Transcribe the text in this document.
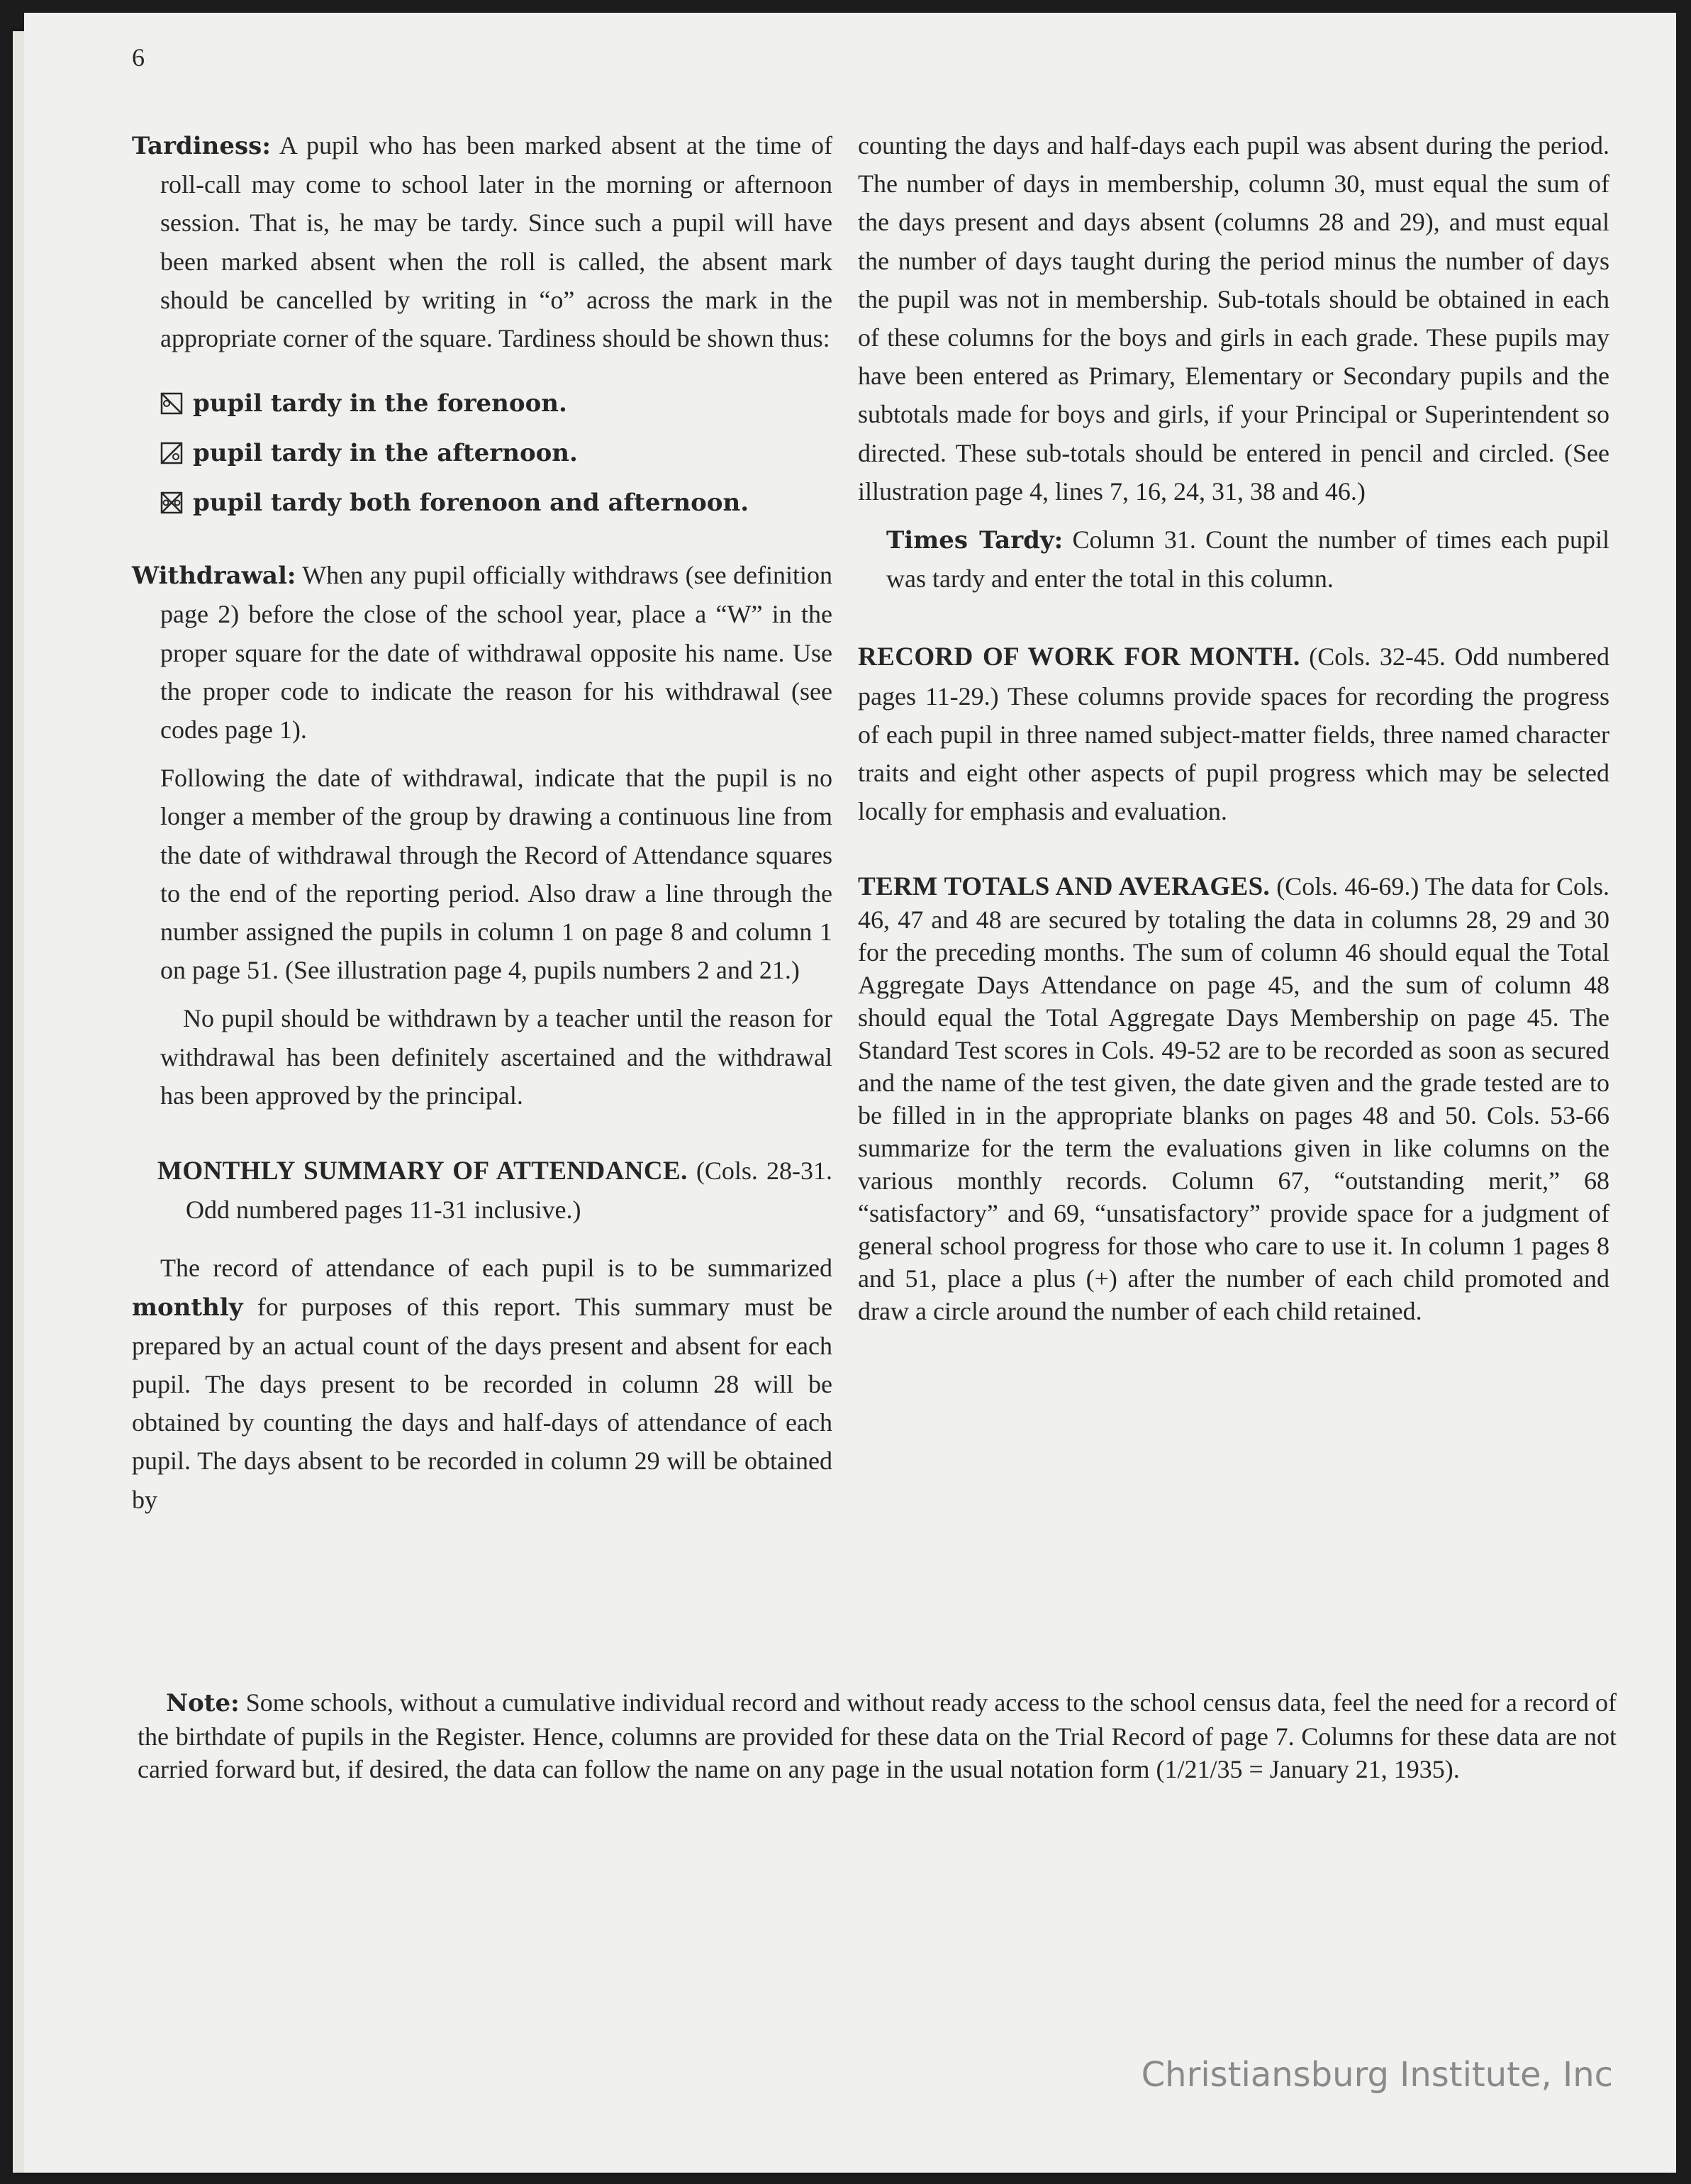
6

Tardiness: A pupil who has been marked absent at the time of roll-call may come to school later in the morning or afternoon session. That is, he may be tardy. Since such a pupil will have been marked absent when the roll is called, the absent mark should be cancelled by writing in “o” across the mark in the appropriate corner of the square. Tardiness should be shown thus:

pupil tardy in the forenoon.
pupil tardy in the afternoon.
pupil tardy both forenoon and afternoon.

Withdrawal: When any pupil officially withdraws (see definition page 2) before the close of the school year, place a “W” in the proper square for the date of withdrawal opposite his name. Use the proper code to indicate the reason for his withdrawal (see codes page 1).

Following the date of withdrawal, indicate that the pupil is no longer a member of the group by drawing a continuous line from the date of withdrawal through the Record of Attendance squares to the end of the reporting period. Also draw a line through the number assigned the pupils in column 1 on page 8 and column 1 on page 51. (See illustration page 4, pupils numbers 2 and 21.)

No pupil should be withdrawn by a teacher until the reason for withdrawal has been definitely ascertained and the withdrawal has been approved by the principal.

MONTHLY SUMMARY OF ATTENDANCE. (Cols. 28-31. Odd numbered pages 11-31 inclusive.)

The record of attendance of each pupil is to be summarized monthly for purposes of this report. This summary must be prepared by an actual count of the days present and absent for each pupil. The days present to be recorded in column 28 will be obtained by counting the days and half-days of attendance of each pupil. The days absent to be recorded in column 29 will be obtained by

counting the days and half-days each pupil was absent during the period. The number of days in membership, column 30, must equal the sum of the days present and days absent (columns 28 and 29), and must equal the number of days taught during the period minus the number of days the pupil was not in membership. Sub-totals should be obtained in each of these columns for the boys and girls in each grade. These pupils may have been entered as Primary, Elementary or Secondary pupils and the subtotals made for boys and girls, if your Principal or Superintendent so directed. These sub-totals should be entered in pencil and circled. (See illustration page 4, lines 7, 16, 24, 31, 38 and 46.)

Times Tardy: Column 31. Count the number of times each pupil was tardy and enter the total in this column.

RECORD OF WORK FOR MONTH. (Cols. 32-45. Odd numbered pages 11-29.) These columns provide spaces for recording the progress of each pupil in three named subject-matter fields, three named character traits and eight other aspects of pupil progress which may be selected locally for emphasis and evaluation.

TERM TOTALS AND AVERAGES. (Cols. 46-69.) The data for Cols. 46, 47 and 48 are secured by totaling the data in columns 28, 29 and 30 for the preceding months. The sum of column 46 should equal the Total Aggregate Days Attendance on page 45, and the sum of column 48 should equal the Total Aggregate Days Membership on page 45. The Standard Test scores in Cols. 49-52 are to be recorded as soon as secured and the name of the test given, the date given and the grade tested are to be filled in in the appropriate blanks on pages 48 and 50. Cols. 53-66 summarize for the term the evaluations given in like columns on the various monthly records. Column 67, “outstanding merit,” 68 “satisfactory” and 69, “unsatisfactory” provide space for a judgment of general school progress for those who care to use it. In column 1 pages 8 and 51, place a plus (+) after the number of each child promoted and draw a circle around the number of each child retained.

Note: Some schools, without a cumulative individual record and without ready access to the school census data, feel the need for a record of the birthdate of pupils in the Register. Hence, columns are provided for these data on the Trial Record of page 7. Columns for these data are not carried forward but, if desired, the data can follow the name on any page in the usual notation form (1/21/35 = January 21, 1935).

Christiansburg Institute, Inc
